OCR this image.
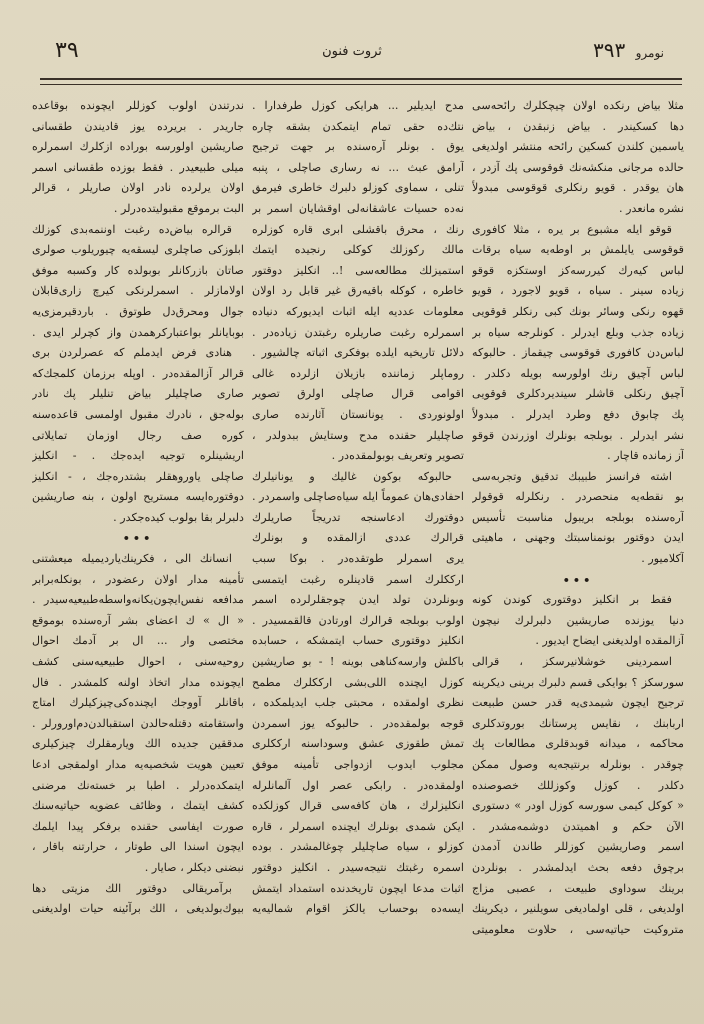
۳۹	ثروت فنون	نومرو ۳۹۳
مثلا بیاض رنکده اولان چیچکلرك رائحه‌سی
دها کسکیندر . بیاض زنبقدن ، بیاض
یاسمین کلندن کسکین رائحه منتشر اولدیغی
حالده مرجانی منکشه‌نك قوقوسی پك آزدر ،
هان یوقدر . قویو رنکلری قوقوسی مبدولاً
نشره مانعدر .
قوقو ایله مشبوع بر یره ، مثلا کافوری
قوقوسی یایلمش بر اوطه‌یه سیاه برقات
لباس کیه‌رك کیررسه‌کز اوستکزه قوقو
زیاده سینر . سیاه ، قویو لاجورد ، قویو
قهوه رنکی وسائر بونك کبی رنکلر قوقویی
زیاده جذب وبلع ایدرلر . کونلرجه سیاه بر
لباس‌دن کافوری قوقوسی چیقماز . حالبوکه
لباس آچیق رنك اولورسه بویله دکلدر .
آچیق رنکلی قاشلر سیندیردکلری قوقویی
پك چابوق دفع وطرد ایدرلر . مبدولاً
نشر ایدرلر . بوبلجه بونلرك اوزرندن قوقو
آز زمانده قاچار .
اشته فرانسز طبیبك تدقیق وتجربه‌سی
بو نقطه‌یه منحصردر . رنکلرله قوقولر
آره‌سنده بوبلجه بریبول مناسبت تأسیس
ایدن دوقتور بونمناسبتك وجهنی ، ماهیتی
آکلامیور .
•••
فقط بر انکلیز دوقتوری کوندن کونه
دنیا یوزنده صاریشین دلبرلرك نیچون
آزالمقده اولدیغنی ایضاح ایدیور .
اسمردینی خوشلانیرسکز ، قرالی
سورسکز ؟ بوایکی قسم دلبرك برینی دیکرینه
ترجیح ایچون شیمدی‌یه قدر حسن طبیعت
اربابنك ، نقایس پرستانك بوروتدکلری
محاکمه ، میدانه قوبدقلری مطالعات پك
چوقدر . بونلرله برنتیجه‌یه وصول ممکن
دکلدر . کوزل وکوزللك خصوصنده
« کوکل کیمی سورسه کوزل اودر » دستوری
الآن حکم و اهمیتدن دوشمه‌مشدر .
اسمر وصاریشین کوزللر طاندن آدمدن
برچوق دفعه بحث ایدلمشدر . بونلردن
برینك سوداوی طبیعت ، عصبی مزاج
اولدیغی ، قلی اولمادیغی سویلنیر ، دیکرینك
متروکیت حیاتیه‌سی ، حلاوت معلومیتی
مدح ایدیلیر ... هرایکی کوزل طرفدارا .
نتك‌ده حقی تمام ایتمکدن بشقه چاره
یوق . بونلر آره‌سنده بر جهت ترجیح
آرامق عبث ... نه رساری صاچلی ، پنبه
تنلی ، سماوی کوزلو دلبرك خاطری فیرمق
نه‌ده حسیات عاشقانه‌لی اوقشایان اسمر بر
رنك ، محرق باقشلی ابری قاره کوزلره
مالك ركوزلك کوکلی رنجیده ایتمك
استمیزلك مطالعه‌سی !.. انکلیز دوقتور
خاطره ، کوکله باقیه‌رق غیر قابل رد اولان
معلومات عددیه ایله اثبات ایدیورکه دنیاده
اسمرلره رغبت صاریلره رغبتدن زیاده‌در .
دلائل تاریخیه ایلده بوفکری اثباته چالشیور .
روماپلر زماننده بازیلان ازلرده غالی
اقوامی قرال صاچلی اولرق تصویر
اولونوردی . یونانستان آثارنده صاری
صاچلیلر حقنده مدح وستایش ببدولدر ،
تصویر وتعریف بوبولمقده‌در .
حالبوکه بوکون غالیك و یونانیلرك
احفادی‌هان عموماً ایله سیاه‌صاچلی واسمردر .
دوقتورك ادعاسنجه تدریجاً صاریلرك
قرالرك عددی ازالمقده و بونلرك
یری اسمرلر طوتقده‌در . بوکا سبب
ارککلرك اسمر قادینلره رغبت ایتمسی
وبونلردن تولد ایدن چوجقلرلرده اسمر
اولوب بوبلجه قرالرك اورتادن قالقمسیدر .
انکلیز دوقتوری حساب ایتمشکه ، حسابده
باکلش وار‌سه‌کناهی بوینه ! - بو صاریشین
کوزل ایچنده اللی‌بشی ارککلرك مطمح
نظری اولمقده ، محبتی جلب ایدیلمکده ،
قوجه بولمقده‌در . حالبوکه یوز اسمردن
تمش طقوزی عشق وسوداسنه ارککلری
مجلوب ایدوب ازدواجی تأمینه موفق
اولمقده‌در . رابکی عصر اول آلمانلرله
انکلیزلرك ، هان کافه‌سی قرال کوزلکده
ایکن شمدی بونلرك ایچنده اسمرلر ، قاره
کوزلو ، سیاه صاچلیلر چوغالمشدر . بوده
اسمره رغبتك نتیجه‌سیدر . انکلیز دوقتور
اثبات مدعا ایچون تاریخدنده استمداد ایتمش
ایسه‌ده بوحساب یالکز اقوام شمالیه‌یه
ندرتندن اولوب کوزللر ایچونده بوقاعده
جاریدر . بریرده یوز قادیندن طقسانی
صاریشین اولورسه بوراده ازکلرك اسمرلره
میلی طبیعیدر . فقط بوزده طقسانی اسمر
اولان یرلرده نادر اولان صاریلر ، قرالر
البت برموقع مقبولیتده‌درلر .
قرالره بیاض‌ده رغبت اوننمه‌بدی کوزلك
ابلوزکی صاچلری لیسقه‌یه چیوریلوب صولری
صاتان بازرکانلر بوبولده کار وکسبه موفق
اولامازلر . اسمرلرنکی کیرچ زاری‌قابلان
جوال ومحرق‌دل طوتوق . باردقیرمزی‌یه
بوبایانلر بواعتبارکرهمدن واز کچرلر ایدی .
هنادی فرض ایدملم که عصرلردن بری
قرالر آزالمقده‌در . اوپله برزمان کلمجك‌که
صاری صاچلیلر بیاض تنلیلر پك نادر
بوله‌جق ، نادرك مقبول اولمسی قاعده‌سنه
کوره صف رجال اوزمان تمایلاتی
اریشینلره توجیه ایده‌جك . - انکلیز
صاچلی یاوروهقلر بشتدره‌جك ، - انکلیز
دوقتوره‌ایسه مستریح اولون ، بنه صاریشین
دلبرلر بقا بولوب کیده‌جکدر .
•••
انسانك الی ، فکرینك‌یاردیمیله میعشتنی
تأمینه مدار اولان رعضودر ، بونکله‌برابر
مدافعه نفس‌ایچون‌یکانه‌واسطه‌طبیعیه‌سیدر .
« ال » ك اعضای بشر آره‌سنده بوموقع
مختصی وار ... ال بر آدمك احوال
روحیه‌سنی ، احوال طبیعیه‌سنی کشف
ایچونده مدار اتخاذ اولنه کلمشدر . فال
باقانلر آووجك ایچنده‌کی‌چیزکیلرك امتاج
واستقامته دقتله‌حالدن استقبالدن‌دم‌اورورلر .
مدققین جدیده الك ویارمقلرك چیزکیلری
تعیین هویت شخصیه‌یه مدار اولمقجی ادعا
ایتمکده‌درلر . اطبا بر خسته‌نك مرضنی
کشف ایتمك ، وظائف عضویه حیاتیه‌سنك
صورت ایفاسی حقنده برفکر پیدا ایلمك
ایچون اسندا الی طوتار ، حرارتنه باقار ،
نبضنی دیکلر ، صایار .
برآمریقالی دوقتور الك مزیتی دها
بیوك‌بولدیغی ، الك برآئینه حیات اولدیغنی
